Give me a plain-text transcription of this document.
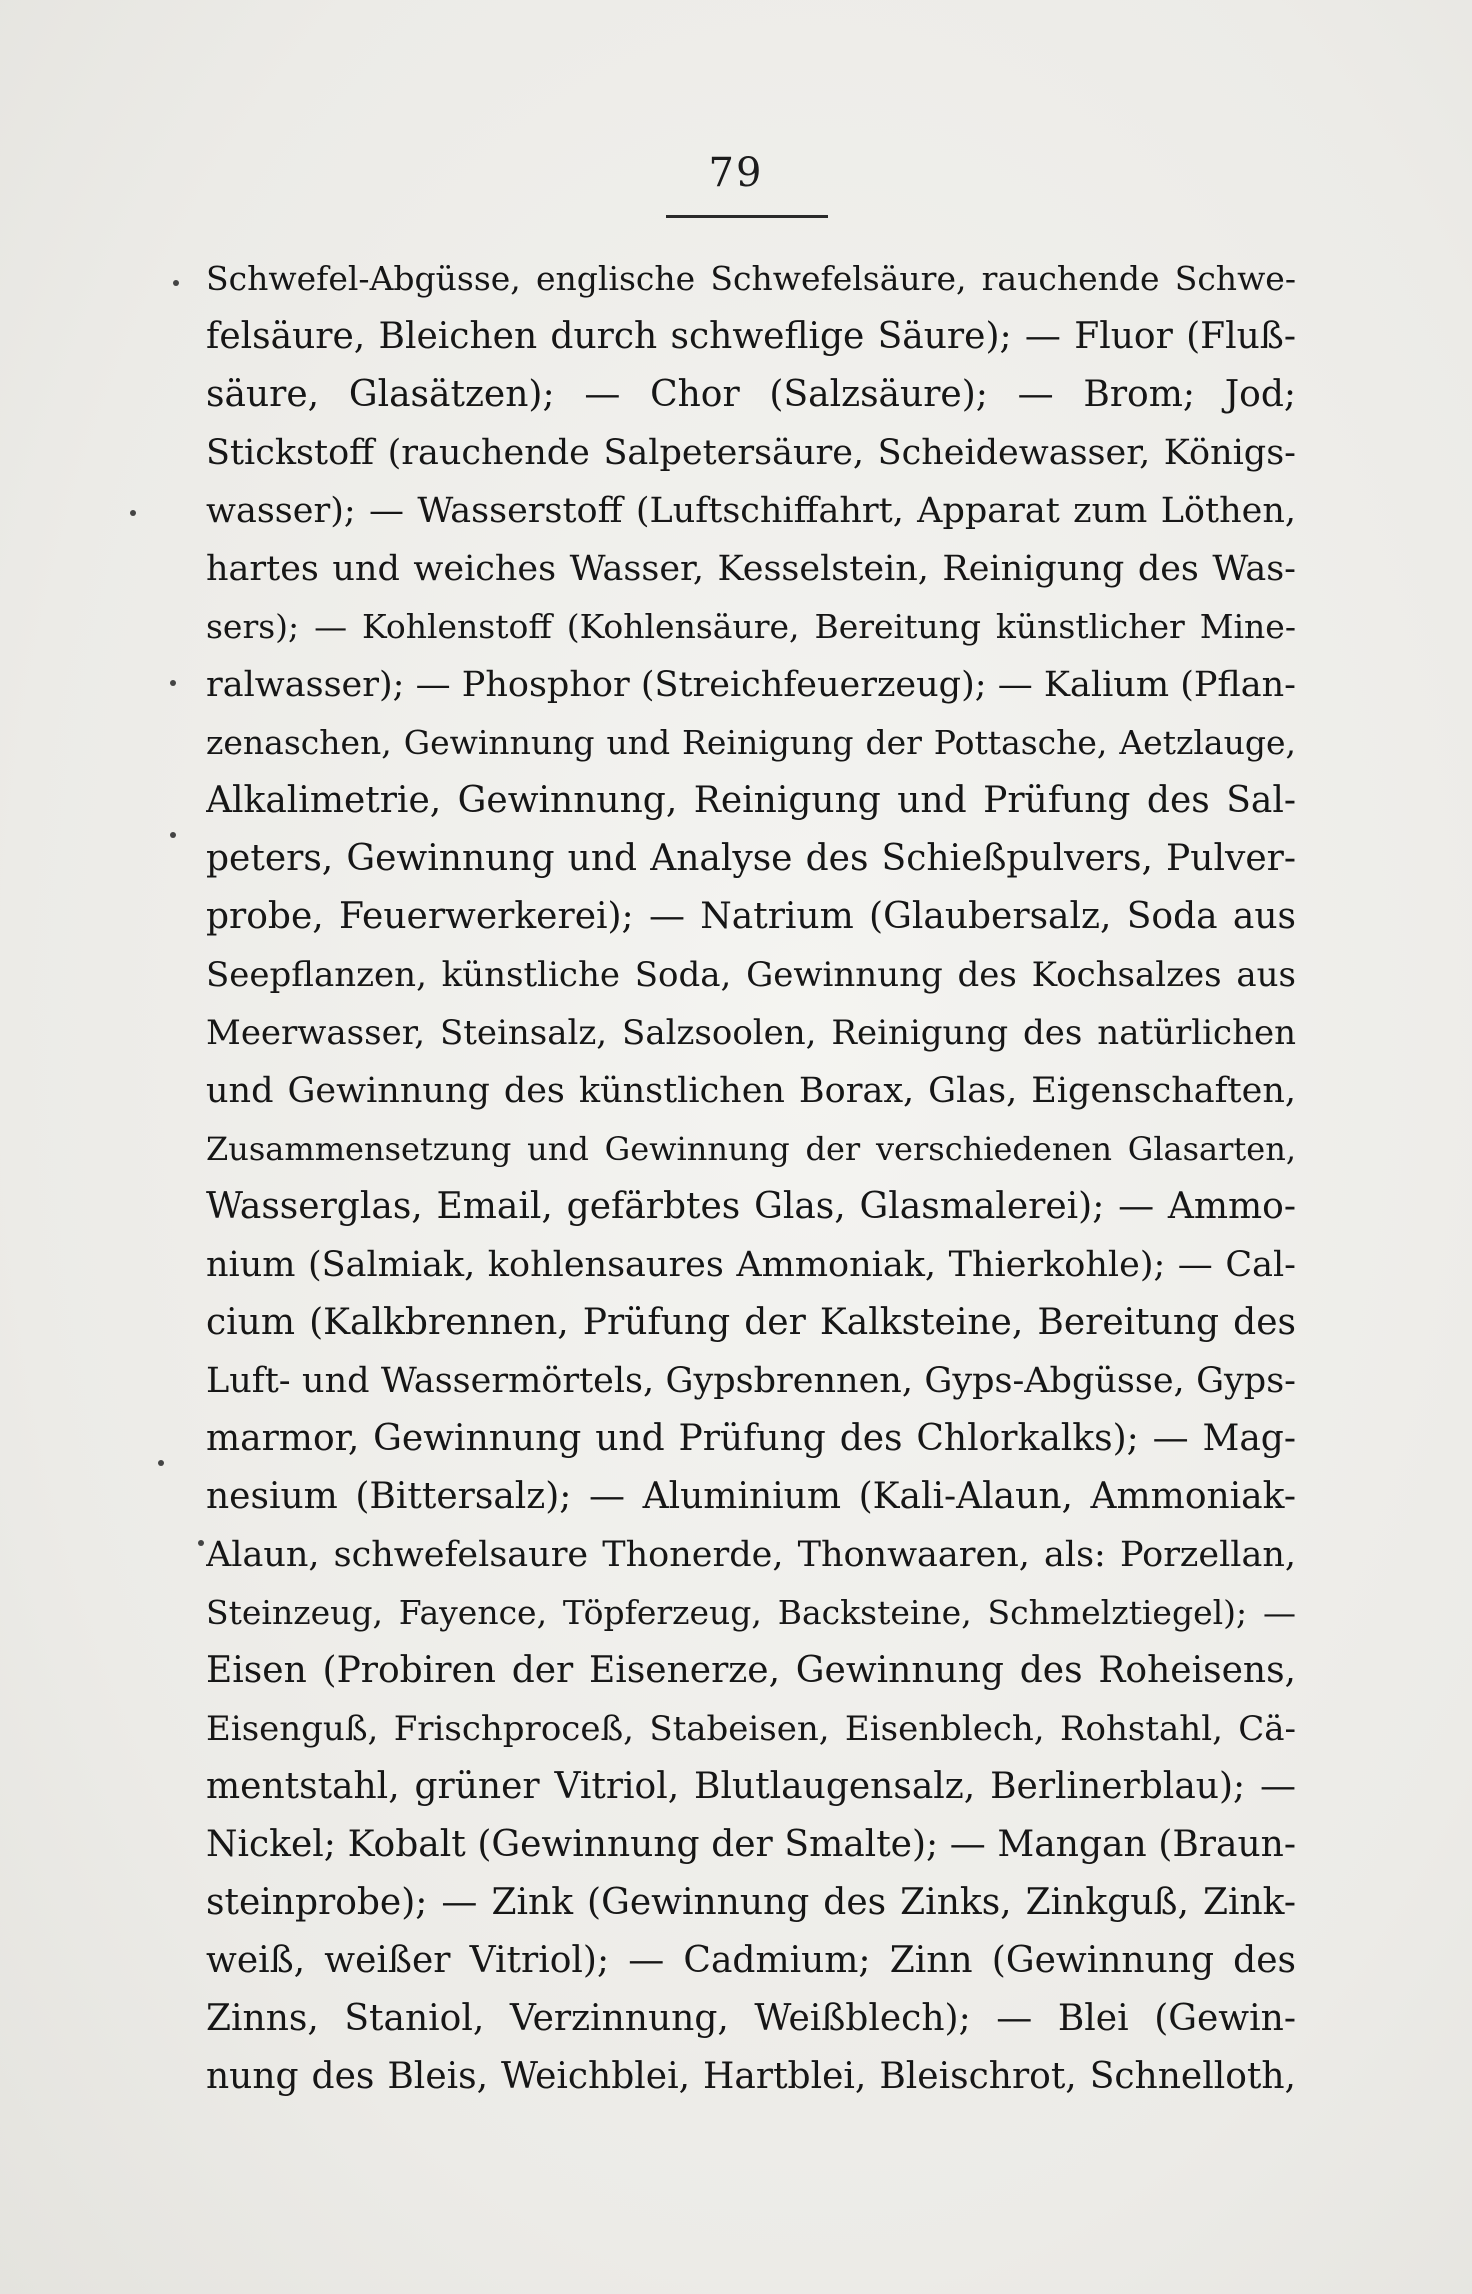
79
Schwefel-Abgüsse, englische Schwefelsäure, rauchende Schwe-
felsäure, Bleichen durch schweflige Säure); — Fluor (Fluß-
säure, Glasätzen); — Chor (Salzsäure); — Brom; Jod;
Stickstoff (rauchende Salpetersäure, Scheidewasser, Königs-
wasser); — Wasserstoff (Luftschiffahrt, Apparat zum Löthen,
hartes und weiches Wasser, Kesselstein, Reinigung des Was-
sers); — Kohlenstoff (Kohlensäure, Bereitung künstlicher Mine-
ralwasser); — Phosphor (Streichfeuerzeug); — Kalium (Pflan-
zenaschen, Gewinnung und Reinigung der Pottasche, Aetzlauge,
Alkalimetrie, Gewinnung, Reinigung und Prüfung des Sal-
peters, Gewinnung und Analyse des Schießpulvers, Pulver-
probe, Feuerwerkerei); — Natrium (Glaubersalz, Soda aus
Seepflanzen, künstliche Soda, Gewinnung des Kochsalzes aus
Meerwasser, Steinsalz, Salzsoolen, Reinigung des natürlichen
und Gewinnung des künstlichen Borax, Glas, Eigenschaften,
Zusammensetzung und Gewinnung der verschiedenen Glasarten,
Wasserglas, Email, gefärbtes Glas, Glasmalerei); — Ammo-
nium (Salmiak, kohlensaures Ammoniak, Thierkohle); — Cal-
cium (Kalkbrennen, Prüfung der Kalksteine, Bereitung des
Luft- und Wassermörtels, Gypsbrennen, Gyps-Abgüsse, Gyps-
marmor, Gewinnung und Prüfung des Chlorkalks); — Mag-
nesium (Bittersalz); — Aluminium (Kali-Alaun, Ammoniak-
Alaun, schwefelsaure Thonerde, Thonwaaren, als: Porzellan,
Steinzeug, Fayence, Töpferzeug, Backsteine, Schmelztiegel); —
Eisen (Probiren der Eisenerze, Gewinnung des Roheisens,
Eisenguß, Frischproceß, Stabeisen, Eisenblech, Rohstahl, Cä-
mentstahl, grüner Vitriol, Blutlaugensalz, Berlinerblau); —
Nickel; Kobalt (Gewinnung der Smalte); — Mangan (Braun-
steinprobe); — Zink (Gewinnung des Zinks, Zinkguß, Zink-
weiß, weißer Vitriol); — Cadmium; Zinn (Gewinnung des
Zinns, Staniol, Verzinnung, Weißblech); — Blei (Gewin-
nung des Bleis, Weichblei, Hartblei, Bleischrot, Schnelloth,
